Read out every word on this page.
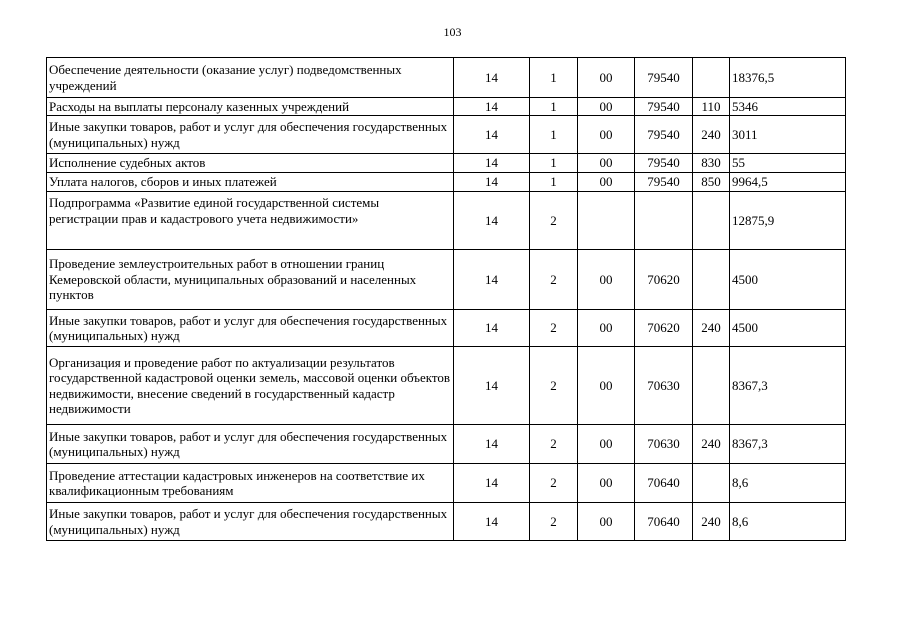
103
Обеспечение деятельности (оказание услуг) подведомственных учреждений	14	1	00	79540		18376,5
Расходы на выплаты персоналу казенных учреждений	14	1	00	79540	110	5346
Иные закупки товаров, работ и услуг для обеспечения государственных (муниципальных) нужд	14	1	00	79540	240	3011
Исполнение судебных актов	14	1	00	79540	830	55
Уплата налогов, сборов и иных платежей	14	1	00	79540	850	9964,5
Подпрограмма «Развитие единой государственной системы регистрации прав и кадастрового учета недвижимости»	14	2				12875,9
Проведение землеустроительных работ в отношении границ Кемеровской области, муниципальных образований и населенных пунктов	14	2	00	70620		4500
Иные закупки товаров, работ и услуг для обеспечения государственных (муниципальных) нужд	14	2	00	70620	240	4500
Организация и проведение работ по актуализации результатов государственной кадастровой оценки земель, массовой оценки объектов недвижимости, внесение сведений в государственный кадастр недвижимости	14	2	00	70630		8367,3
Иные закупки товаров, работ и услуг для обеспечения государственных (муниципальных) нужд	14	2	00	70630	240	8367,3
Проведение аттестации кадастровых инженеров на соответствие их квалификационным требованиям	14	2	00	70640		8,6
Иные закупки товаров, работ и услуг для обеспечения государственных (муниципальных) нужд	14	2	00	70640	240	8,6
